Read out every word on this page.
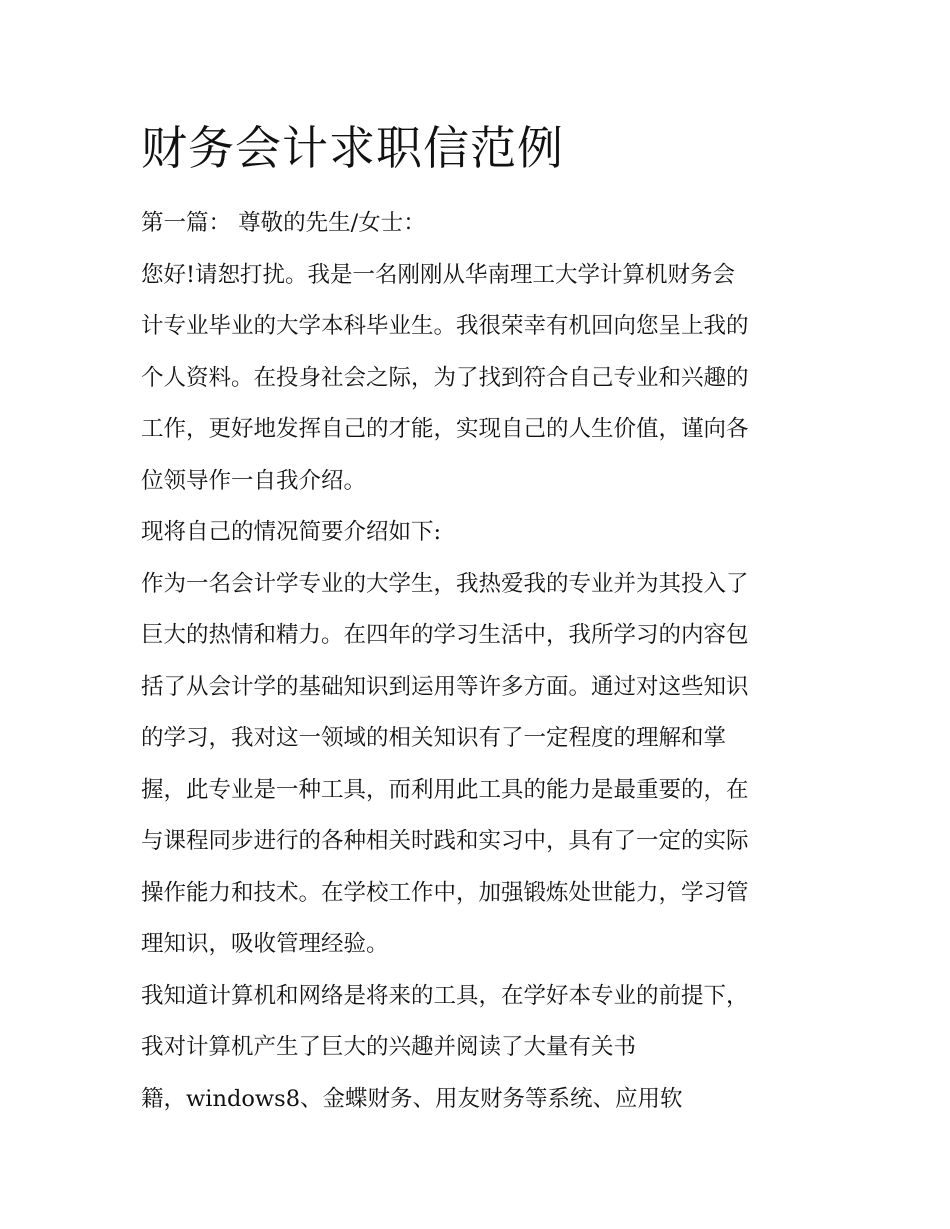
财务会计求职信范例
第一篇： 尊敬的先生/女士：
您好!请恕打扰。我是一名刚刚从华南理工大学计算机财务会
计专业毕业的大学本科毕业生。我很荣幸有机回向您呈上我的
个人资料。在投身社会之际，为了找到符合自己专业和兴趣的
工作，更好地发挥自己的才能，实现自己的人生价值，谨向各
位领导作一自我介绍。
现将自己的情况简要介绍如下:
作为一名会计学专业的大学生，我热爱我的专业并为其投入了
巨大的热情和精力。在四年的学习生活中，我所学习的内容包
括了从会计学的基础知识到运用等许多方面。通过对这些知识
的学习，我对这一领域的相关知识有了一定程度的理解和掌
握，此专业是一种工具，而利用此工具的能力是最重要的，在
与课程同步进行的各种相关时践和实习中，具有了一定的实际
操作能力和技术。在学校工作中，加强锻炼处世能力，学习管
理知识，吸收管理经验。
我知道计算机和网络是将来的工具，在学好本专业的前提下，
我对计算机产生了巨大的兴趣并阅读了大量有关书
籍，windows8、金蝶财务、用友财务等系统、应用软
